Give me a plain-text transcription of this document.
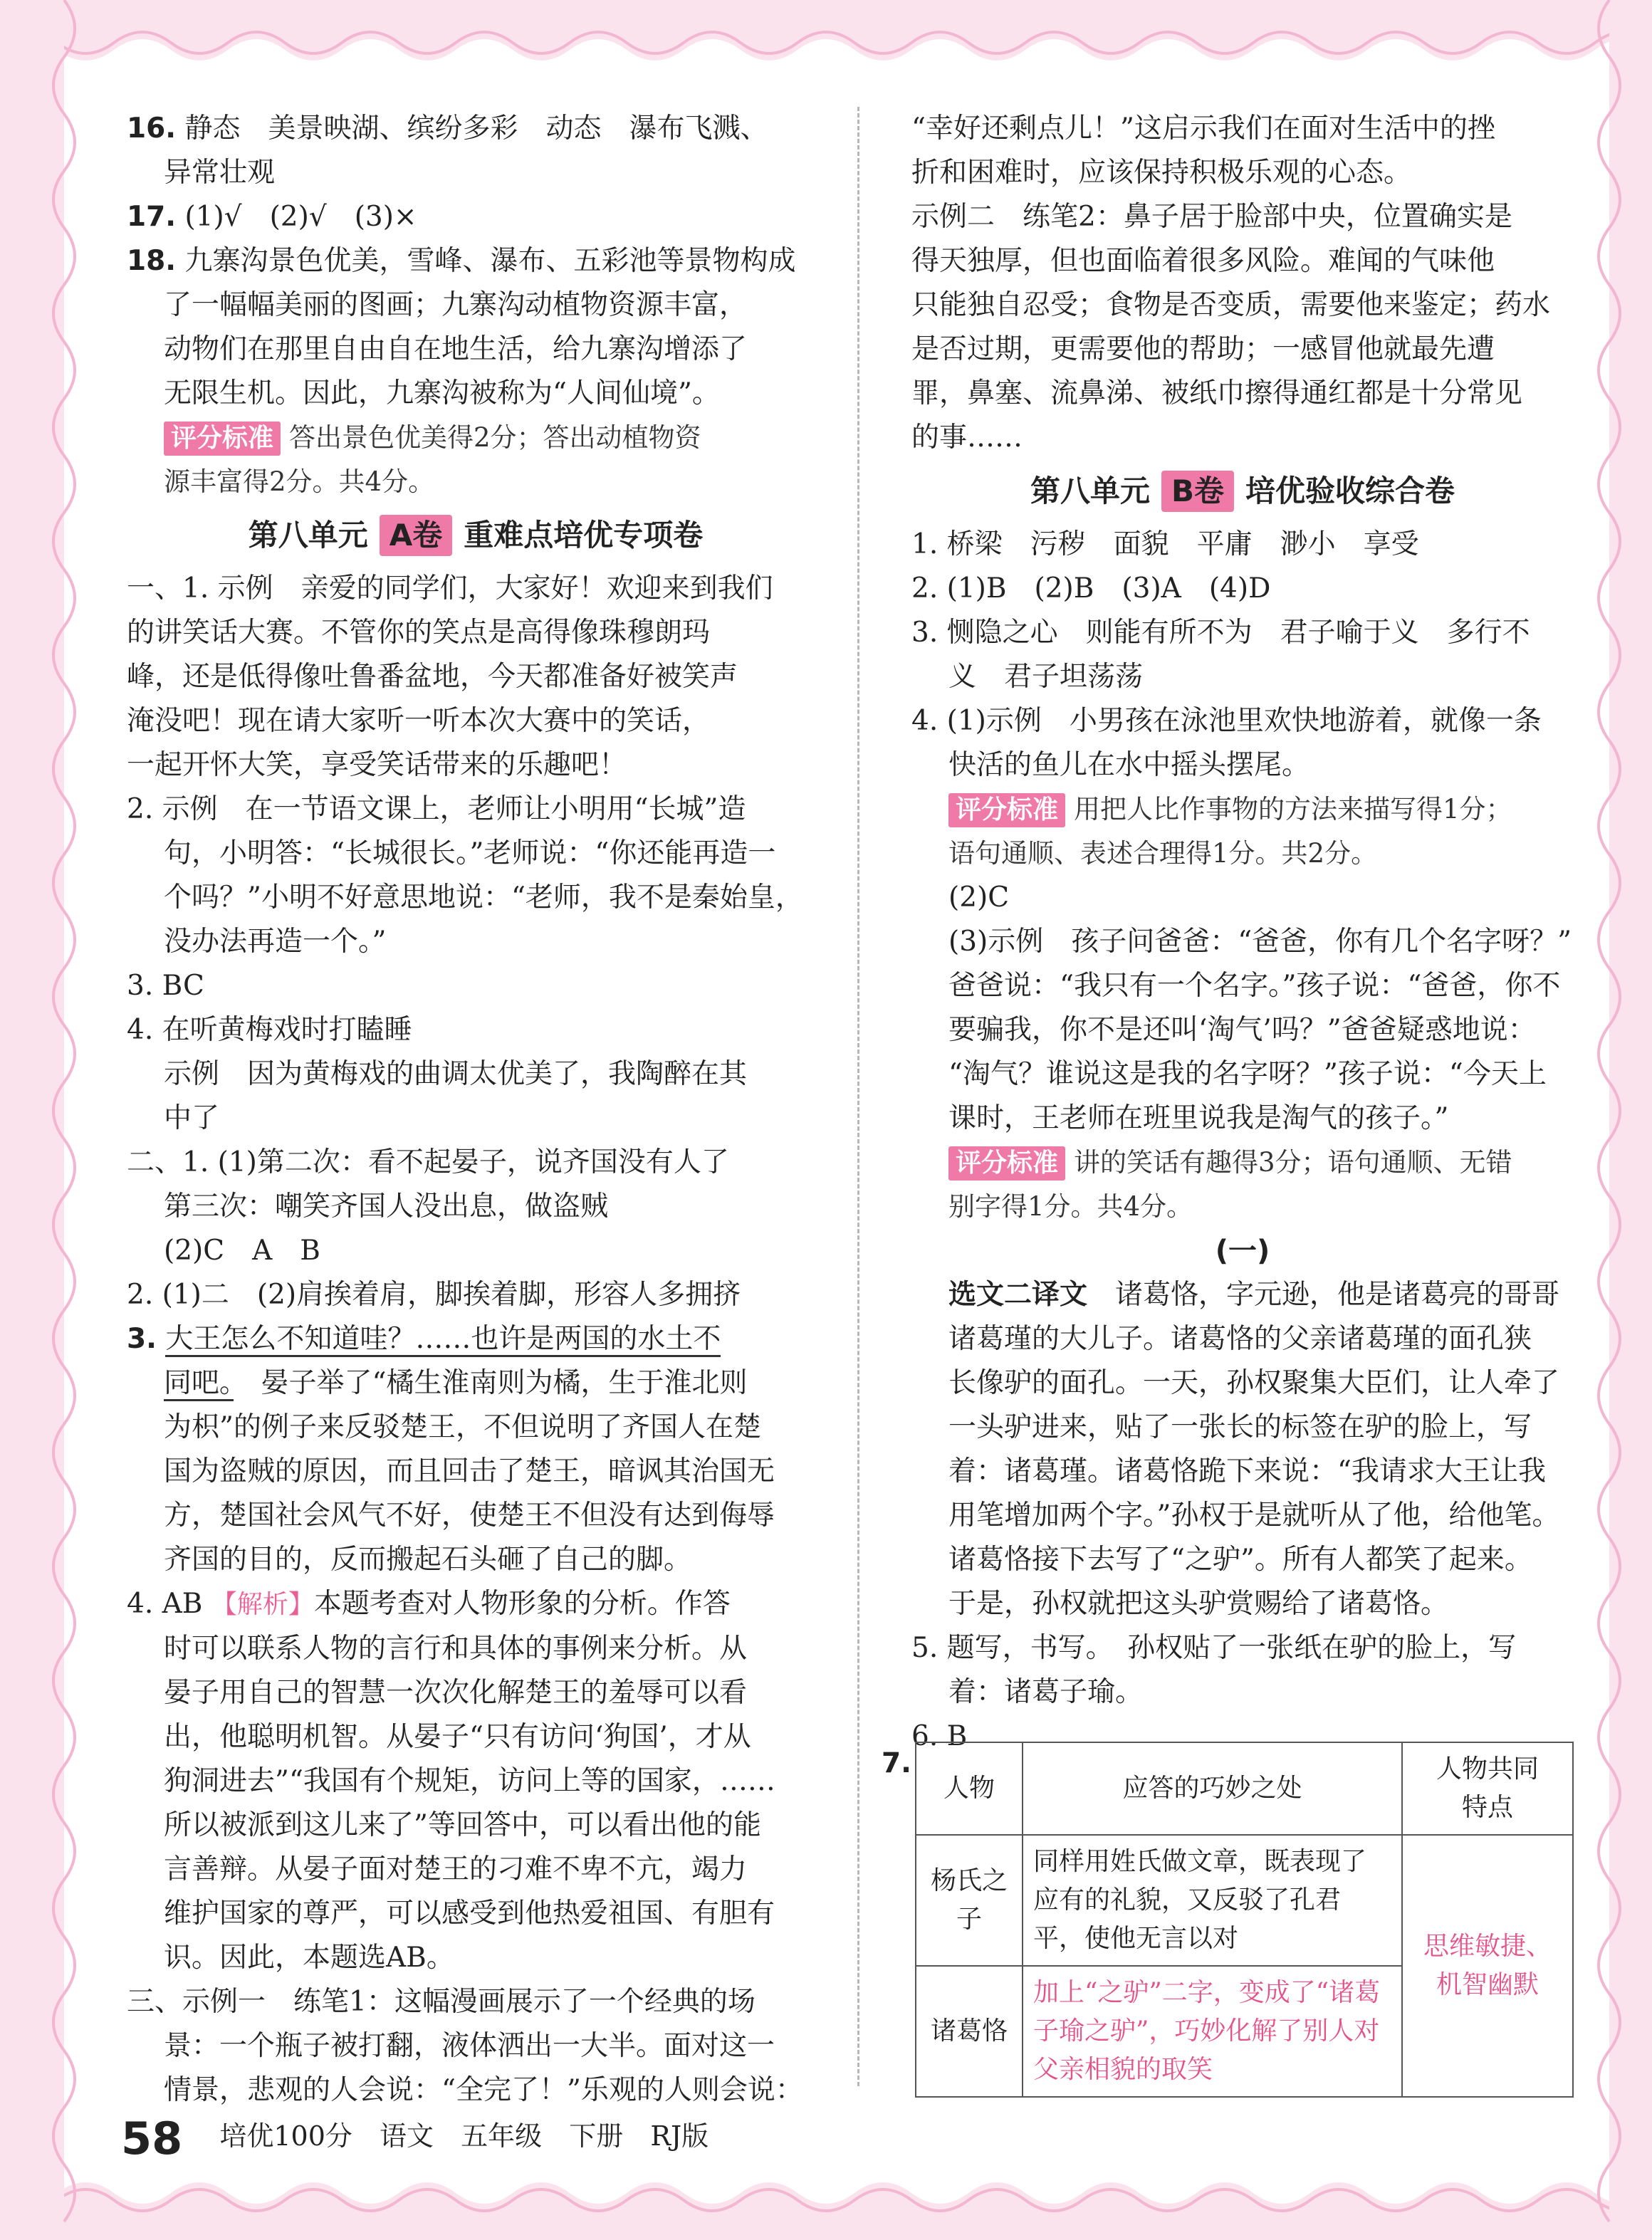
16. 静态　美景映湖、缤纷多彩　动态　瀑布飞溅、

异常壮观

17. (1)√　(2)√　(3)×

18. 九寨沟景色优美，雪峰、瀑布、五彩池等景物构成

了一幅幅美丽的图画；九寨沟动植物资源丰富，

动物们在那里自由自在地生活，给九寨沟增添了

无限生机。因此，九寨沟被称为“人间仙境”。

评分标准 答出景色优美得2分；答出动植物资

源丰富得2分。共4分。

第八单元 A卷 重难点培优专项卷

一、1. 示例　亲爱的同学们，大家好！欢迎来到我们

的讲笑话大赛。不管你的笑点是高得像珠穆朗玛

峰，还是低得像吐鲁番盆地，今天都准备好被笑声

淹没吧！现在请大家听一听本次大赛中的笑话，

一起开怀大笑，享受笑话带来的乐趣吧！

2. 示例　在一节语文课上，老师让小明用“长城”造

句，小明答：“长城很长。”老师说：“你还能再造一

个吗？”小明不好意思地说：“老师，我不是秦始皇，

没办法再造一个。”

3. BC

4. 在听黄梅戏时打瞌睡

示例　因为黄梅戏的曲调太优美了，我陶醉在其

中了

二、1. (1)第二次：看不起晏子，说齐国没有人了

第三次：嘲笑齐国人没出息，做盗贼

(2)C　A　B

2. (1)二　(2)肩挨着肩，脚挨着脚，形容人多拥挤

3. 大王怎么不知道哇？……也许是两国的水土不

同吧。　晏子举了“橘生淮南则为橘，生于淮北则

为枳”的例子来反驳楚王，不但说明了齐国人在楚

国为盗贼的原因，而且回击了楚王，暗讽其治国无

方，楚国社会风气不好，使楚王不但没有达到侮辱

齐国的目的，反而搬起石头砸了自己的脚。

4. AB 【解析】本题考查对人物形象的分析。作答

时可以联系人物的言行和具体的事例来分析。从

晏子用自己的智慧一次次化解楚王的羞辱可以看

出，他聪明机智。从晏子“只有访问‘狗国’，才从

狗洞进去”“我国有个规矩，访问上等的国家，……

所以被派到这儿来了”等回答中，可以看出他的能

言善辩。从晏子面对楚王的刁难不卑不亢，竭力

维护国家的尊严，可以感受到他热爱祖国、有胆有

识。因此，本题选AB。

三、示例一　练笔1：这幅漫画展示了一个经典的场

景：一个瓶子被打翻，液体洒出一大半。面对这一

情景，悲观的人会说：“全完了！”乐观的人则会说：

“幸好还剩点儿！”这启示我们在面对生活中的挫

折和困难时，应该保持积极乐观的心态。

示例二　练笔2：鼻子居于脸部中央，位置确实是

得天独厚，但也面临着很多风险。难闻的气味他

只能独自忍受；食物是否变质，需要他来鉴定；药水

是否过期，更需要他的帮助；一感冒他就最先遭

罪，鼻塞、流鼻涕、被纸巾擦得通红都是十分常见

的事……

第八单元 B卷 培优验收综合卷

1. 桥梁　污秽　面貌　平庸　渺小　享受

2. (1)B　(2)B　(3)A　(4)D

3. 恻隐之心　则能有所不为　君子喻于义　多行不

义　君子坦荡荡

4. (1)示例　小男孩在泳池里欢快地游着，就像一条

快活的鱼儿在水中摇头摆尾。

评分标准 用把人比作事物的方法来描写得1分；

语句通顺、表述合理得1分。共2分。

(2)C

(3)示例　孩子问爸爸：“爸爸，你有几个名字呀？”

爸爸说：“我只有一个名字。”孩子说：“爸爸，你不

要骗我，你不是还叫‘淘气’吗？”爸爸疑惑地说：

“淘气？谁说这是我的名字呀？”孩子说：“今天上

课时，王老师在班里说我是淘气的孩子。”

评分标准 讲的笑话有趣得3分；语句通顺、无错

别字得1分。共4分。

(一)

选文二译文　 诸葛恪，字元逊，他是诸葛亮的哥哥

诸葛瑾的大儿子。诸葛恪的父亲诸葛瑾的面孔狭

长像驴的面孔。一天，孙权聚集大臣们，让人牵了

一头驴进来，贴了一张长的标签在驴的脸上，写

着：诸葛瑾。诸葛恪跪下来说：“我请求大王让我

用笔增加两个字。”孙权于是就听从了他，给他笔。

诸葛恪接下去写了“之驴”。所有人都笑了起来。

于是，孙权就把这头驴赏赐给了诸葛恪。

5. 题写，书写。　孙权贴了一张纸在驴的脸上，写

着：诸葛子瑜。

6. B

7.
人物	应答的巧妙之处	人物共同
特点
杨氏之子	同样用姓氏做文章，既表现了应有的礼貌，又反驳了孔君平，使他无言以对	思维敏捷、机智幽默
诸葛恪	加上“之驴”二字，变成了“诸葛子瑜之驴”，巧妙化解了别人对父亲相貌的取笑	
58 培优100分 语文 五年级 下册 RJ版
